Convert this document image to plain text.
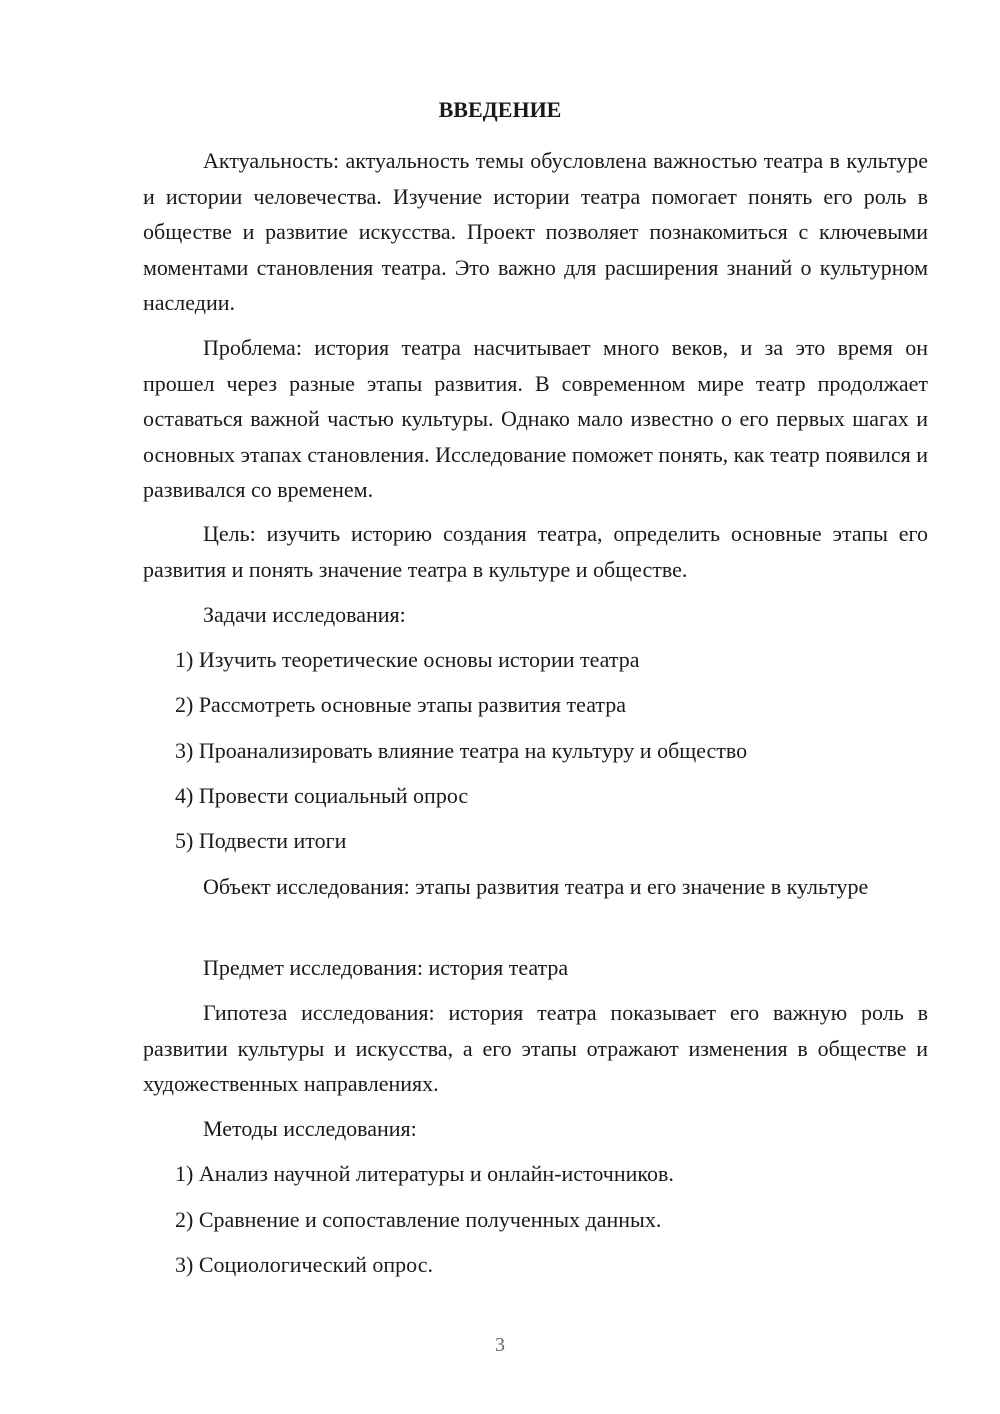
ВВЕДЕНИЕ

Актуальность: актуальность темы обусловлена важностью театра в культуре и истории человечества. Изучение истории театра помогает понять его роль в обществе и развитие искусства. Проект позволяет познакомиться с ключевыми моментами становления театра. Это важно для расширения знаний о культурном наследии.

Проблема: история театра насчитывает много веков, и за это время он прошел через разные этапы развития. В современном мире театр продолжает оставаться важной частью культуры. Однако мало известно о его первых шагах и основных этапах становления. Исследование поможет понять, как театр появился и развивался со временем.

Цель: изучить историю создания театра, определить основные этапы его развития и понять значение театра в культуре и обществе.

Задачи исследования:

1) Изучить теоретические основы истории театра

2) Рассмотреть основные этапы развития театра

3) Проанализировать влияние театра на культуру и общество

4) Провести социальный опрос

5) Подвести итоги

Объект исследования: этапы развития театра и его значение в культуре

Предмет исследования: история театра

Гипотеза исследования: история театра показывает его важную роль в развитии культуры и искусства, а его этапы отражают изменения в обществе и художественных направлениях.

Методы исследования:

1) Анализ научной литературы и онлайн-источников.

2) Сравнение и сопоставление полученных данных.

3) Социологический опрос.

3
